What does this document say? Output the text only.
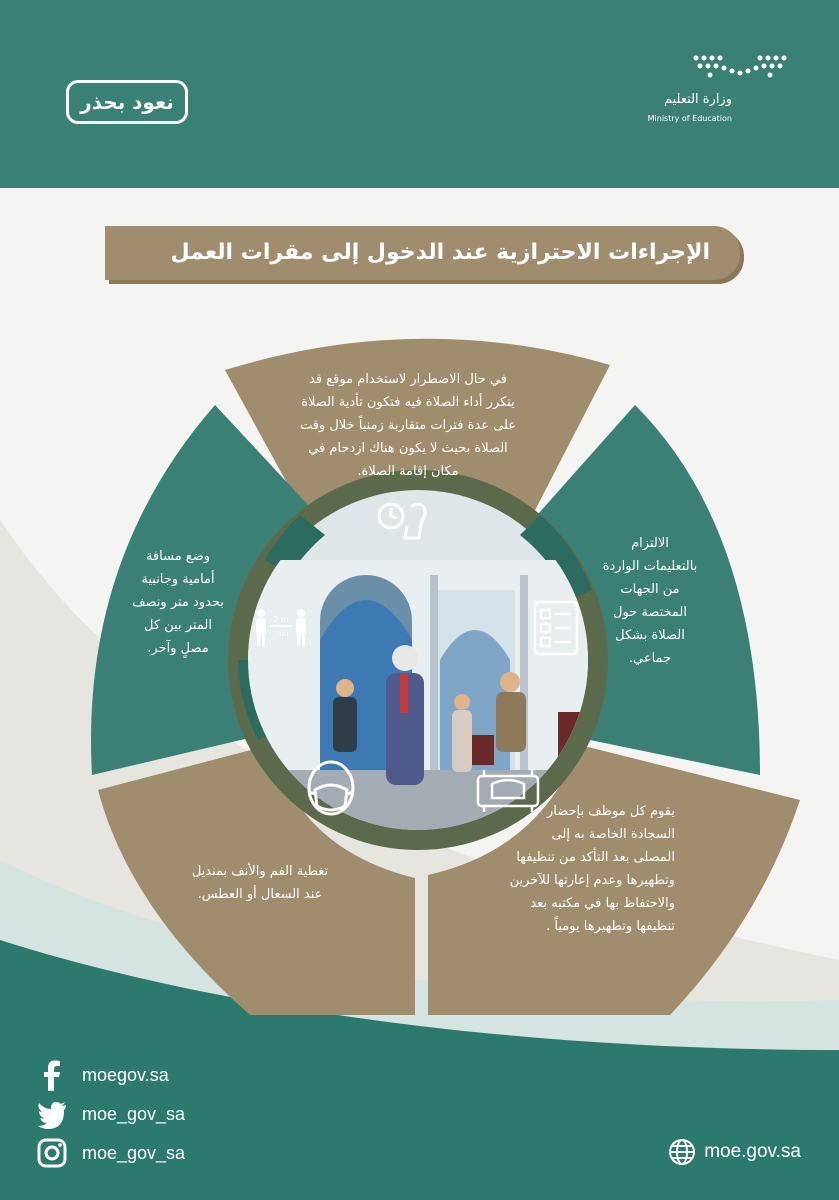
نعود بحذر	وزارة التعليم
Ministry of Education
الإجراءات الاحترازية عند الدخول إلى مقرات العمل
2 m
min
في حال الاضطرار لاستخدام موقع قد
يتكرر أداء الصلاة فيه فتكون تأدية الصلاة
على عدة فترات متقاربة زمنياً خلال وقت
الصلاة بحيث لا يكون هناك ازدحام في
مكان إقامة الصلاة.
الالتزام
بالتعليمات الواردة
من الجهات
المختصة حول
الصلاة بشكل
جماعي.
يقوم كل موظف بإحضار
السجادة الخاصة به إلى
المصلى بعد التأكد من تنظيفها
وتطهيرها وعدم إعارتها للآخرين
والاحتفاظ بها في مكتبه بعد
تنظيفها وتطهيرها يومياً .
تغطية الفم والأنف بمنديل
عند السعال أو العطس.
وضع مسافة
أمامية وجانبية
بحدود متر ونصف
المتر بين كل
مصلٍ وآخر.
moegov.sa
moe_gov_sa
moe_gov_sa	moe.gov.sa
